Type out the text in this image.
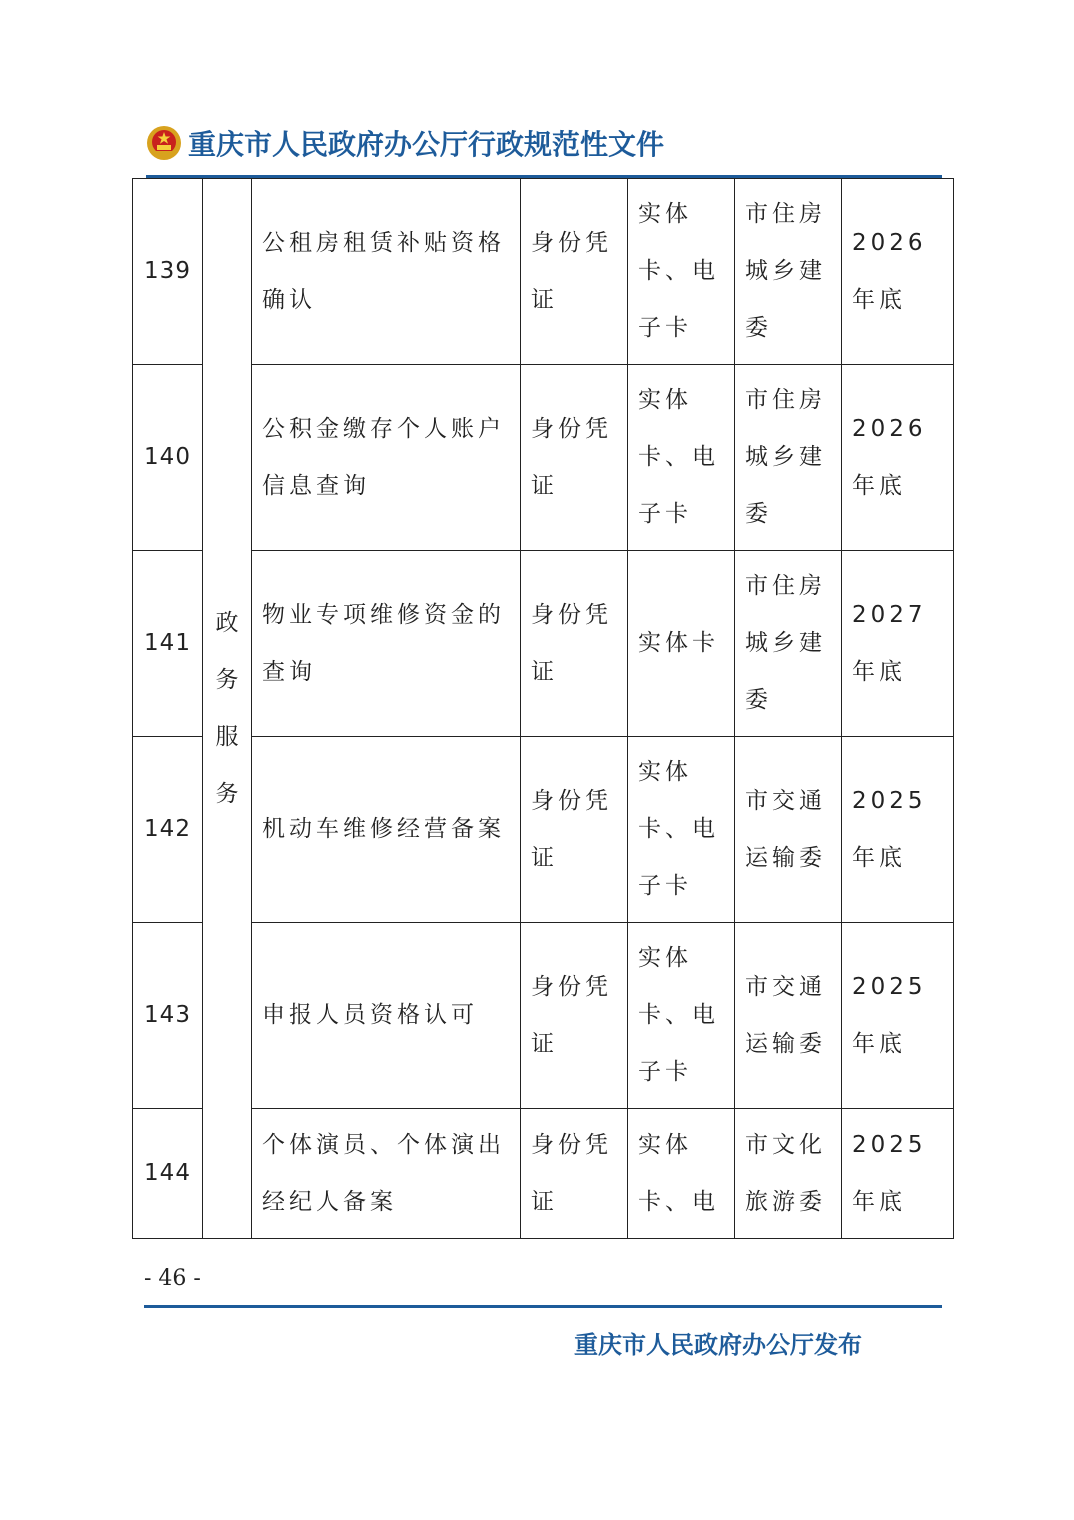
重庆市人民政府办公厅行政规范性文件
139	政务服务	公租房租赁补贴资格确认	身份凭证	实体卡、电子卡	市住房城乡建委	2026年底
140		公积金缴存个人账户信息查询	身份凭证	实体卡、电子卡	市住房城乡建委	2026年底
141		物业专项维修资金的查询	身份凭证	实体卡	市住房城乡建委	2027年底
142		机动车维修经营备案	身份凭证	实体卡、电子卡	市交通运输委	2025年底
143		申报人员资格认可	身份凭证	实体卡、电子卡	市交通运输委	2025年底
144		个体演员、个体演出经纪人备案	身份凭证	实体卡、电	市文化旅游委	2025年底
- 46 -
重庆市人民政府办公厅发布
